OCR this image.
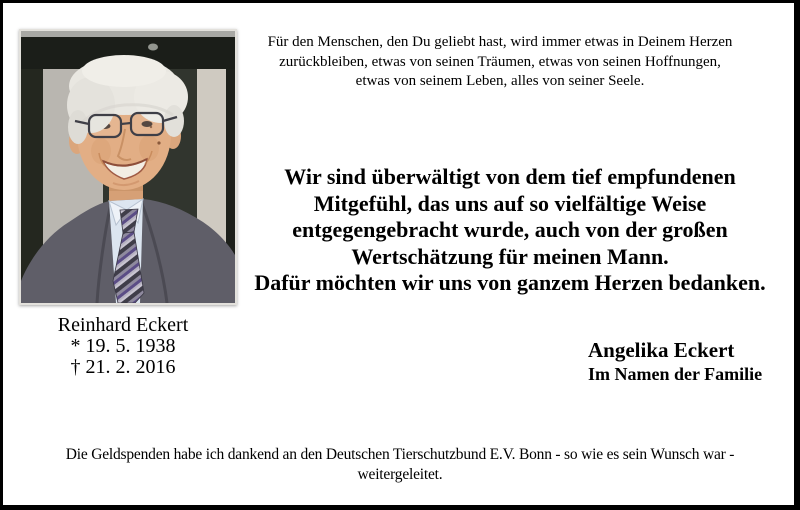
Für den Menschen, den Du geliebt hast, wird immer etwas in Deinem Herzen
zurückbleiben, etwas von seinen Träumen, etwas von seinen Hoffnungen,
etwas von seinem Leben, alles von seiner Seele.
Wir sind überwältigt von dem tief empfundenen
Mitgefühl, das uns auf so vielfältige Weise
entgegengebracht wurde, auch von der großen
Wertschätzung für meinen Mann.
Dafür möchten wir uns von ganzem Herzen bedanken.
Reinhard Eckert
* 19. 5. 1938
† 21. 2. 2016
Angelika Eckert
Im Namen der Familie
Die Geldspenden habe ich dankend an den Deutschen Tierschutzbund E.V. Bonn - so wie es sein Wunsch war -
weitergeleitet.
